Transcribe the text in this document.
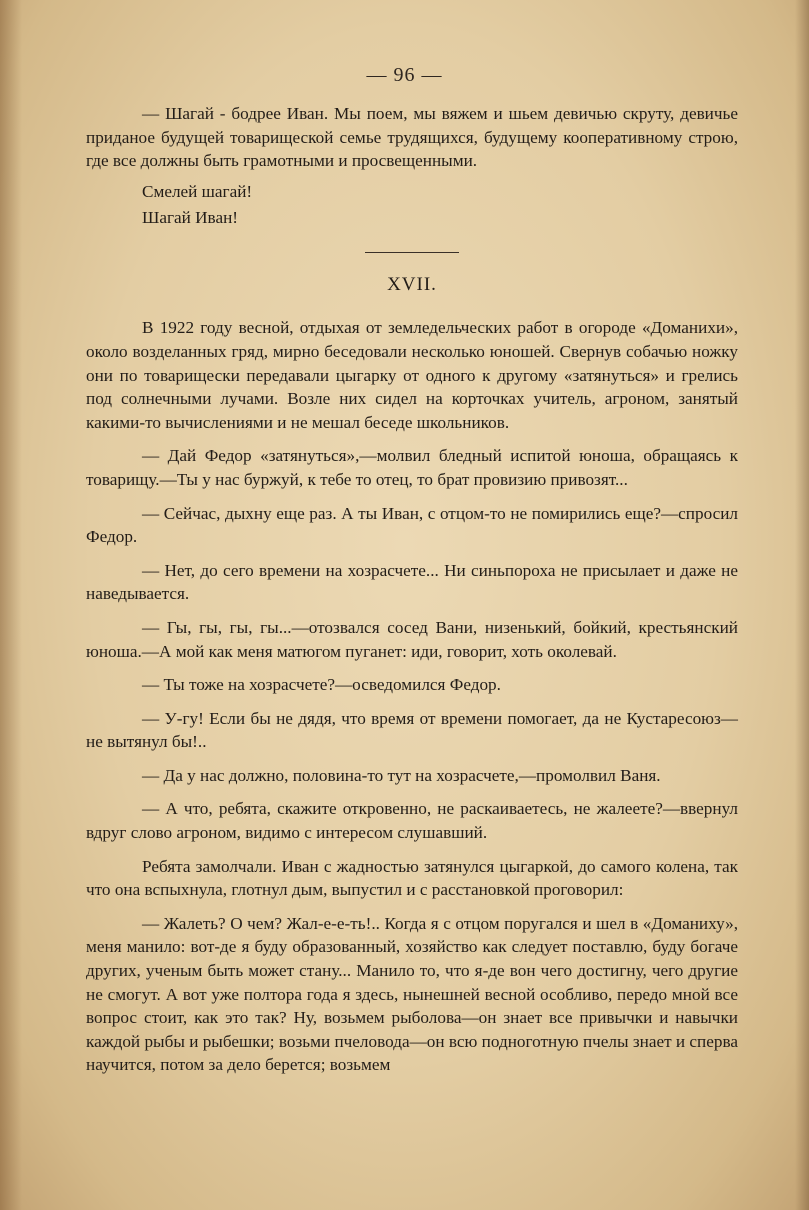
— 96 —

— Шагай - бодрее Иван. Мы поем, мы вяжем и шьем девичью скруту, девичье приданое будущей товарищеской семье трудящихся, будущему кооперативному строю, где все должны быть грамотными и просвещенными.

Смелей шагай!
Шагай Иван!
XVII.

В 1922 году весной, отдыхая от земледельческих работ в огороде «Доманихи», около возделанных гряд, мирно беседовали несколько юношей. Свернув собачью ножку они по товарищески передавали цыгарку от одного к другому «затянуться» и грелись под солнечными лучами. Возле них сидел на корточках учитель, агроном, занятый какими-то вычислениями и не мешал беседе школьников.

— Дай Федор «затянуться»,—молвил бледный испитой юноша, обращаясь к товарищу.—Ты у нас буржуй, к тебе то отец, то брат провизию привозят...

— Сейчас, дыхну еще раз. А ты Иван, с отцом-то не помирились еще?—спросил Федор.

— Нет, до сего времени на хозрасчете... Ни синьпороха не присылает и даже не наведывается.

— Гы, гы, гы, гы...—отозвался сосед Вани, низенький, бойкий, крестьянский юноша.—А мой как меня матюгом пуганет: иди, говорит, хоть околевай.

— Ты тоже на хозрасчете?—осведомился Федор.

— У-гу! Если бы не дядя, что время от времени помогает, да не Кустаресоюз—не вытянул бы!..

— Да у нас должно, половина-то тут на хозрасчете,—промолвил Ваня.

— А что, ребята, скажите откровенно, не раскаиваетесь, не жалеете?—ввернул вдруг слово агроном, видимо с интересом слушавший.

Ребята замолчали. Иван с жадностью затянулся цыгаркой, до самого колена, так что она вспыхнула, глотнул дым, выпустил и с расстановкой проговорил:

— Жалеть? О чем? Жал-е-е-ть!.. Когда я с отцом поругался и шел в «Доманиху», меня манило: вот-де я буду образованный, хозяйство как следует поставлю, буду богаче других, ученым быть может стану... Манило то, что я-де вон чего достигну, чего другие не смогут. А вот уже полтора года я здесь, нынешней весной особливо, передо мной все вопрос стоит, как это так? Ну, возьмем рыболова—он знает все привычки и навычки каждой рыбы и рыбешки; возьми пчеловода—он всю подноготную пчелы знает и сперва научится, потом за дело берется; возьмем
